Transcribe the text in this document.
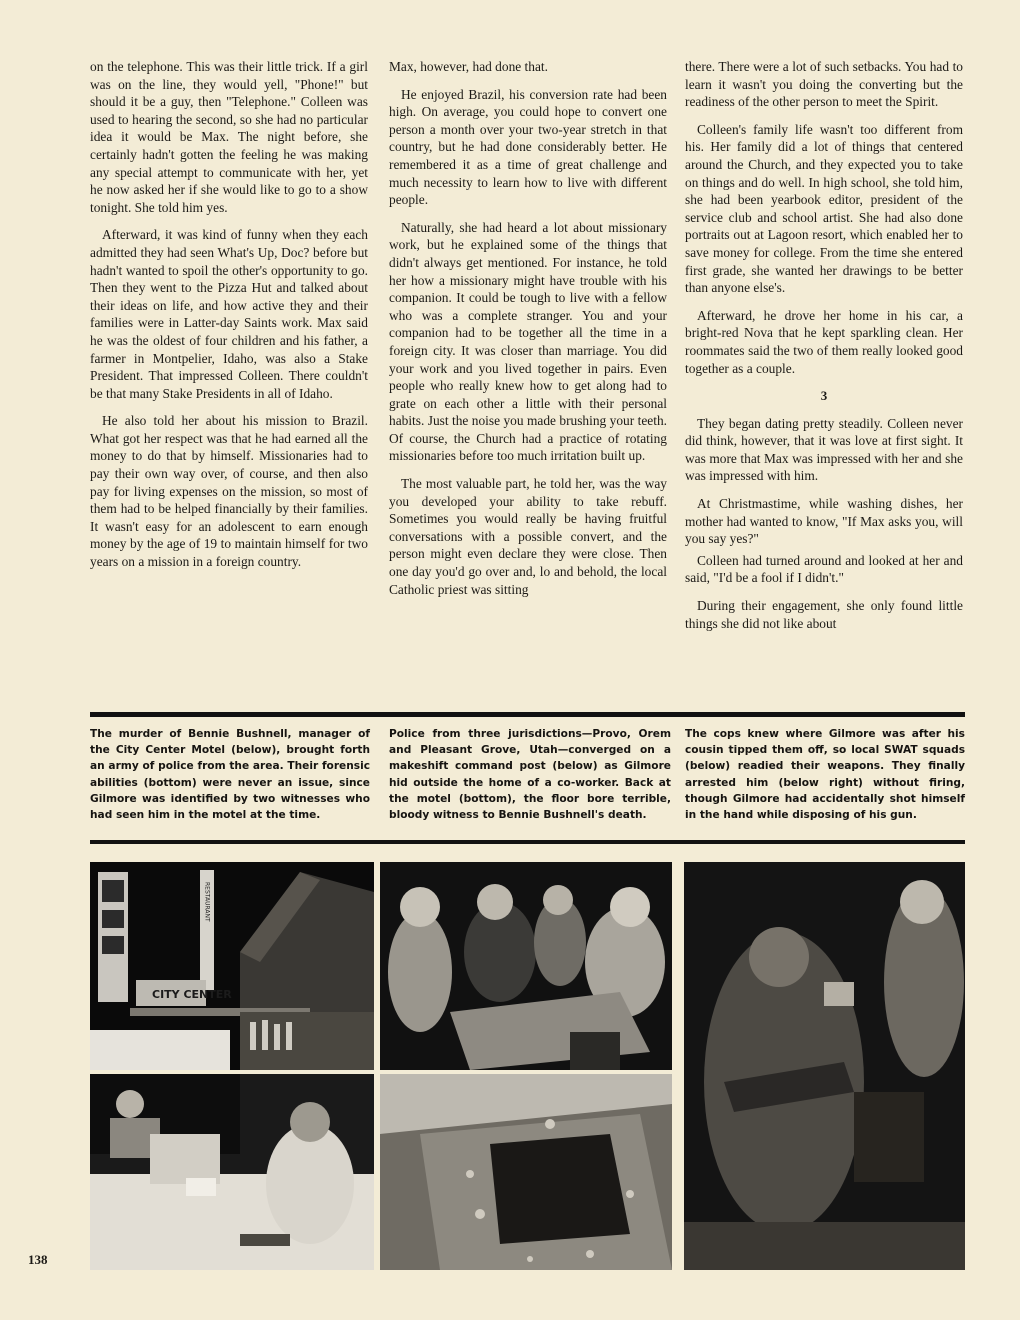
on the telephone. This was their little trick. If a girl was on the line, they would yell, "Phone!" but should it be a guy, then "Telephone." Colleen was used to hearing the second, so she had no particular idea it would be Max. The night before, she certainly hadn't gotten the feeling he was making any special attempt to communicate with her, yet he now asked her if she would like to go to a show tonight. She told him yes.

Afterward, it was kind of funny when they each admitted they had seen What's Up, Doc? before but hadn't wanted to spoil the other's opportunity to go. Then they went to the Pizza Hut and talked about their ideas on life, and how active they and their families were in Latter-day Saints work. Max said he was the oldest of four children and his father, a farmer in Montpelier, Idaho, was also a Stake President. That impressed Colleen. There couldn't be that many Stake Presidents in all of Idaho.

He also told her about his mission to Brazil. What got her respect was that he had earned all the money to do that by himself. Missionaries had to pay their own way over, of course, and then also pay for living expenses on the mission, so most of them had to be helped financially by their families. It wasn't easy for an adolescent to earn enough money by the age of 19 to maintain himself for two years on a mission in a foreign country.

Max, however, had done that.

He enjoyed Brazil, his conversion rate had been high. On average, you could hope to convert one person a month over your two-year stretch in that country, but he had done considerably better. He remembered it as a time of great challenge and much necessity to learn how to live with different people.

Naturally, she had heard a lot about missionary work, but he explained some of the things that didn't always get mentioned. For instance, he told her how a missionary might have trouble with his companion. It could be tough to live with a fellow who was a complete stranger. You and your companion had to be together all the time in a foreign city. It was closer than marriage. You did your work and you lived together in pairs. Even people who really knew how to get along had to grate on each other a little with their personal habits. Just the noise you made brushing your teeth. Of course, the Church had a practice of rotating missionaries before too much irritation built up.

The most valuable part, he told her, was the way you developed your ability to take rebuff. Sometimes you would really be having fruitful conversations with a possible convert, and the person might even declare they were close. Then one day you'd go over and, lo and behold, the local Catholic priest was sitting

there. There were a lot of such setbacks. You had to learn it wasn't you doing the converting but the readiness of the other person to meet the Spirit.

Colleen's family life wasn't too different from his. Her family did a lot of things that centered around the Church, and they expected you to take on things and do well. In high school, she told him, she had been yearbook editor, president of the service club and school artist. She had also done portraits out at Lagoon resort, which enabled her to save money for college. From the time she entered first grade, she wanted her drawings to be better than anyone else's.

Afterward, he drove her home in his car, a bright-red Nova that he kept sparkling clean. Her roommates said the two of them really looked good together as a couple.

3

They began dating pretty steadily. Colleen never did think, however, that it was love at first sight. It was more that Max was impressed with her and she was impressed with him.

At Christmastime, while washing dishes, her mother had wanted to know, "If Max asks you, will you say yes?"

Colleen had turned around and looked at her and said, "I'd be a fool if I didn't."

During their engagement, she only found little things she did not like about

The murder of Bennie Bushnell, manager of the City Center Motel (below), brought forth an army of police from the area. Their forensic abilities (bottom) were never an issue, since Gilmore was identified by two witnesses who had seen him in the motel at the time.
Police from three jurisdictions—Provo, Orem and Pleasant Grove, Utah—converged on a makeshift command post (below) as Gilmore hid outside the home of a co-worker. Back at the motel (bottom), the floor bore terrible, bloody witness to Bennie Bushnell's death.
The cops knew where Gilmore was after his cousin tipped them off, so local SWAT squads (below) readied their weapons. They finally arrested him (below right) without firing, though Gilmore had accidentally shot himself in the hand while disposing of his gun.
RESTAURANT
CITY CENTER
138
